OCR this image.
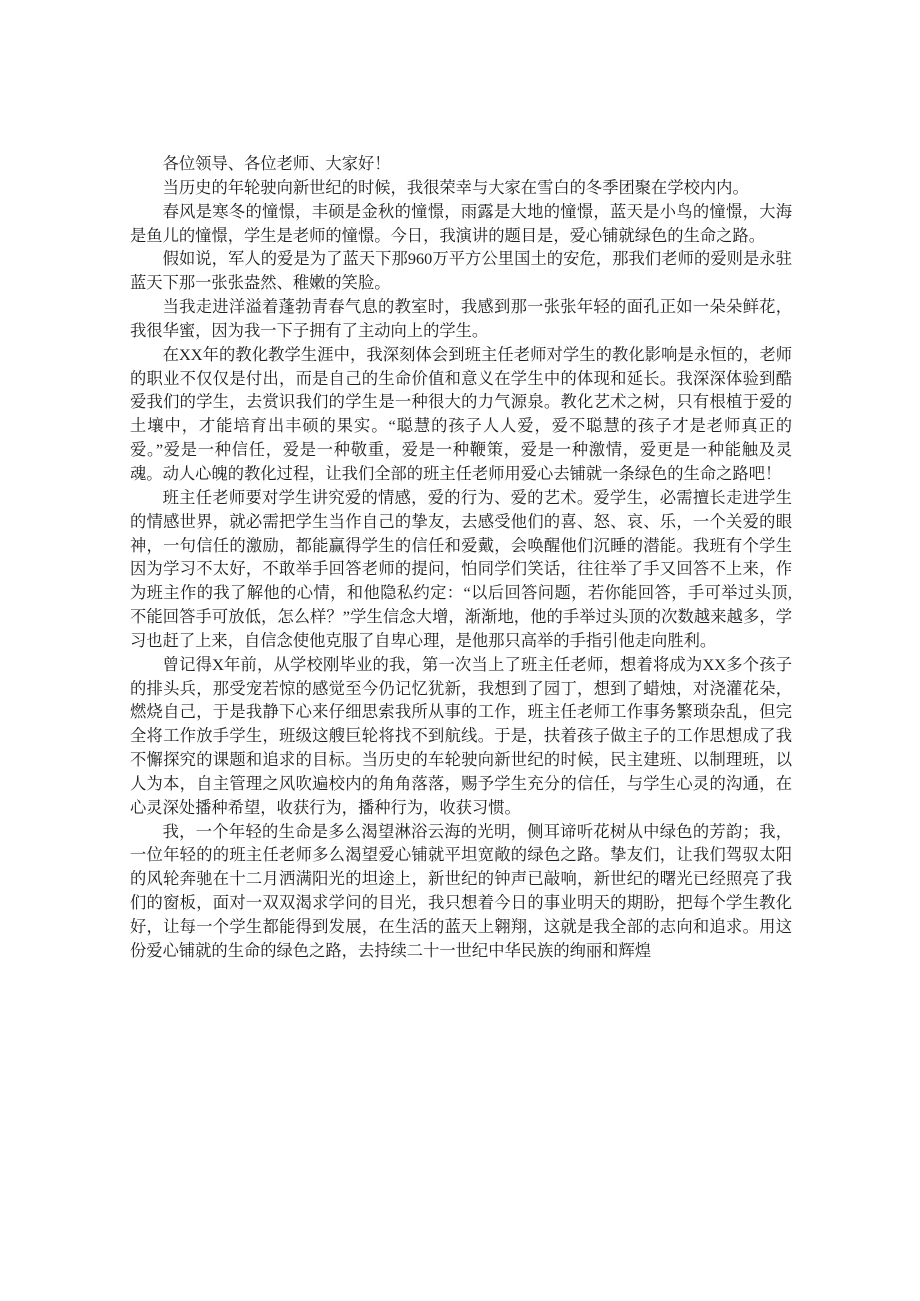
各位领导、各位老师、大家好！

当历史的年轮驶向新世纪的时候，我很荣幸与大家在雪白的冬季团聚在学校内内。

春风是寒冬的憧憬，丰硕是金秋的憧憬，雨露是大地的憧憬，蓝天是小鸟的憧憬，大海是鱼儿的憧憬，学生是老师的憧憬。今日，我演讲的题目是，爱心铺就绿色的生命之路。

假如说，军人的爱是为了蓝天下那960万平方公里国土的安危，那我们老师的爱则是永驻蓝天下那一张张盎然、稚嫩的笑脸。

当我走进洋溢着蓬勃青春气息的教室时，我感到那一张张年轻的面孔正如一朵朵鲜花，我很华蜜，因为我一下子拥有了主动向上的学生。

在XX年的教化教学生涯中，我深刻体会到班主任老师对学生的教化影响是永恒的，老师的职业不仅仅是付出，而是自己的生命价值和意义在学生中的体现和延长。我深深体验到酷爱我们的学生，去赏识我们的学生是一种很大的力气源泉。教化艺术之树，只有根植于爱的土壤中，才能培育出丰硕的果实。“聪慧的孩子人人爱，爱不聪慧的孩子才是老师真正的爱。”爱是一种信任，爱是一种敬重，爱是一种鞭策，爱是一种激情，爱更是一种能触及灵魂。动人心魄的教化过程，让我们全部的班主任老师用爱心去铺就一条绿色的生命之路吧！

班主任老师要对学生讲究爱的情感，爱的行为、爱的艺术。爱学生，必需擅长走进学生的情感世界，就必需把学生当作自己的挚友，去感受他们的喜、怒、哀、乐，一个关爱的眼神，一句信任的激励，都能赢得学生的信任和爱戴，会唤醒他们沉睡的潜能。我班有个学生因为学习不太好，不敢举手回答老师的提问，怕同学们笑话，往往举了手又回答不上来，作为班主作的我了解他的心情，和他隐私约定：“以后回答问题，若你能回答，手可举过头顶,不能回答手可放低，怎么样？”学生信念大增，渐渐地，他的手举过头顶的次数越来越多，学习也赶了上来，自信念使他克服了自卑心理，是他那只高举的手指引他走向胜利。

曾记得X年前，从学校刚毕业的我，第一次当上了班主任老师，想着将成为XX多个孩子的排头兵，那受宠若惊的感觉至今仍记忆犹新，我想到了园丁，想到了蜡烛，对浇灌花朵，燃烧自己，于是我静下心来仔细思索我所从事的工作，班主任老师工作事务繁琐杂乱，但完全将工作放手学生，班级这艘巨轮将找不到航线。于是，扶着孩子做主子的工作思想成了我不懈探究的课题和追求的目标。当历史的车轮驶向新世纪的时候，民主建班、以制理班，以人为本，自主管理之风吹遍校内的角角落落，赐予学生充分的信任，与学生心灵的沟通，在心灵深处播种希望，收获行为，播种行为，收获习惯。

我，一个年轻的生命是多么渴望淋浴云海的光明，侧耳谛听花树从中绿色的芳韵；我，一位年轻的的班主任老师多么渴望爱心铺就平坦宽敞的绿色之路。挚友们，让我们驾驭太阳的风轮奔驰在十二月洒满阳光的坦途上，新世纪的钟声已敲响，新世纪的曙光已经照亮了我们的窗板，面对一双双渴求学问的目光，我只想着今日的事业明天的期盼，把每个学生教化好，让每一个学生都能得到发展，在生活的蓝天上翱翔，这就是我全部的志向和追求。用这份爱心铺就的生命的绿色之路，去持续二十一世纪中华民族的绚丽和辉煌
